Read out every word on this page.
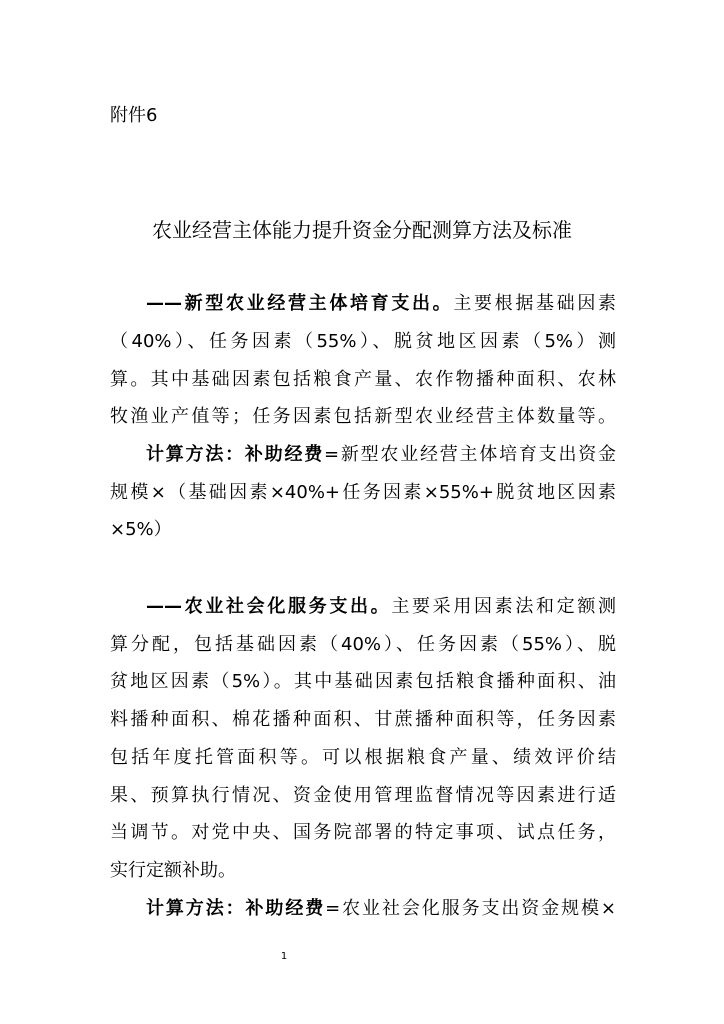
附件6
农业经营主体能力提升资金分配测算方法及标准
——新型农业经营主体培育支出。主要根据基础因素
（40%）、任务因素（55%）、脱贫地区因素（5%）测
算。其中基础因素包括粮食产量、农作物播种面积、农林
牧渔业产值等；任务因素包括新型农业经营主体数量等。
计算方法：补助经费=新型农业经营主体培育支出资金
规模×（基础因素×40%+任务因素×55%+脱贫地区因素
×5%）
——农业社会化服务支出。主要采用因素法和定额测
算分配，包括基础因素（40%）、任务因素（55%）、脱
贫地区因素（5%）。其中基础因素包括粮食播种面积、油
料播种面积、棉花播种面积、甘蔗播种面积等，任务因素
包括年度托管面积等。可以根据粮食产量、绩效评价结
果、预算执行情况、资金使用管理监督情况等因素进行适
当调节。对党中央、国务院部署的特定事项、试点任务，
实行定额补助。
计算方法：补助经费=农业社会化服务支出资金规模×
1
